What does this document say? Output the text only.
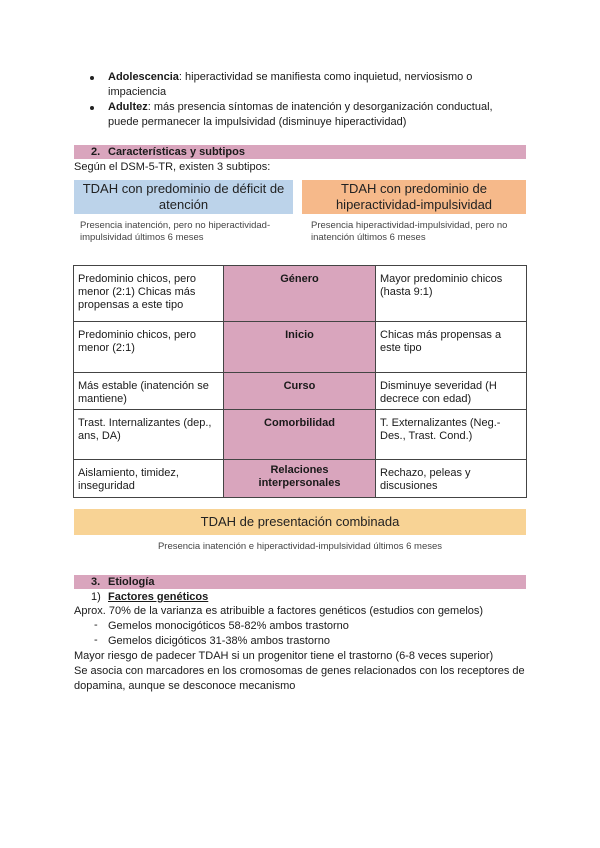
Adolescencia: hiperactividad se manifiesta como inquietud, nerviosismo o impaciencia
Adultez: más presencia síntomas de inatención y desorganización conductual, puede permanecer la impulsividad (disminuye hiperactividad)
2. Características y subtipos
Según el DSM-5-TR, existen 3 subtipos:
TDAH con predominio de déficit de atención
Presencia inatención, pero no hiperactividad-impulsividad últimos 6 meses
TDAH con predominio de hiperactividad-impulsividad
Presencia hiperactividad-impulsividad, pero no inatención últimos 6 meses
Predominio chicos, pero menor (2:1) Chicas más propensas a este tipo	Género	Mayor predominio chicos (hasta 9:1)
Predominio chicos, pero menor (2:1)	Inicio	Chicas más propensas a este tipo
Más estable (inatención se mantiene)	Curso	Disminuye severidad (H decrece con edad)
Trast. Internalizantes (dep., ans, DA)	Comorbilidad	T. Externalizantes (Neg.-Des., Trast. Cond.)
Aislamiento, timidez, inseguridad	Relaciones interpersonales	Rechazo, peleas y discusiones
TDAH de presentación combinada
Presencia inatención e hiperactividad-impulsividad últimos 6 meses
3. Etiología
1) Factores genéticos
Aprox. 70% de la varianza es atribuible a factores genéticos (estudios con gemelos)
- Gemelos monocigóticos 58-82% ambos trastorno
- Gemelos dicigóticos 31-38% ambos trastorno
Mayor riesgo de padecer TDAH si un progenitor tiene el trastorno (6-8 veces superior)
Se asocia con marcadores en los cromosomas de genes relacionados con los receptores de
dopamina, aunque se desconoce mecanismo
